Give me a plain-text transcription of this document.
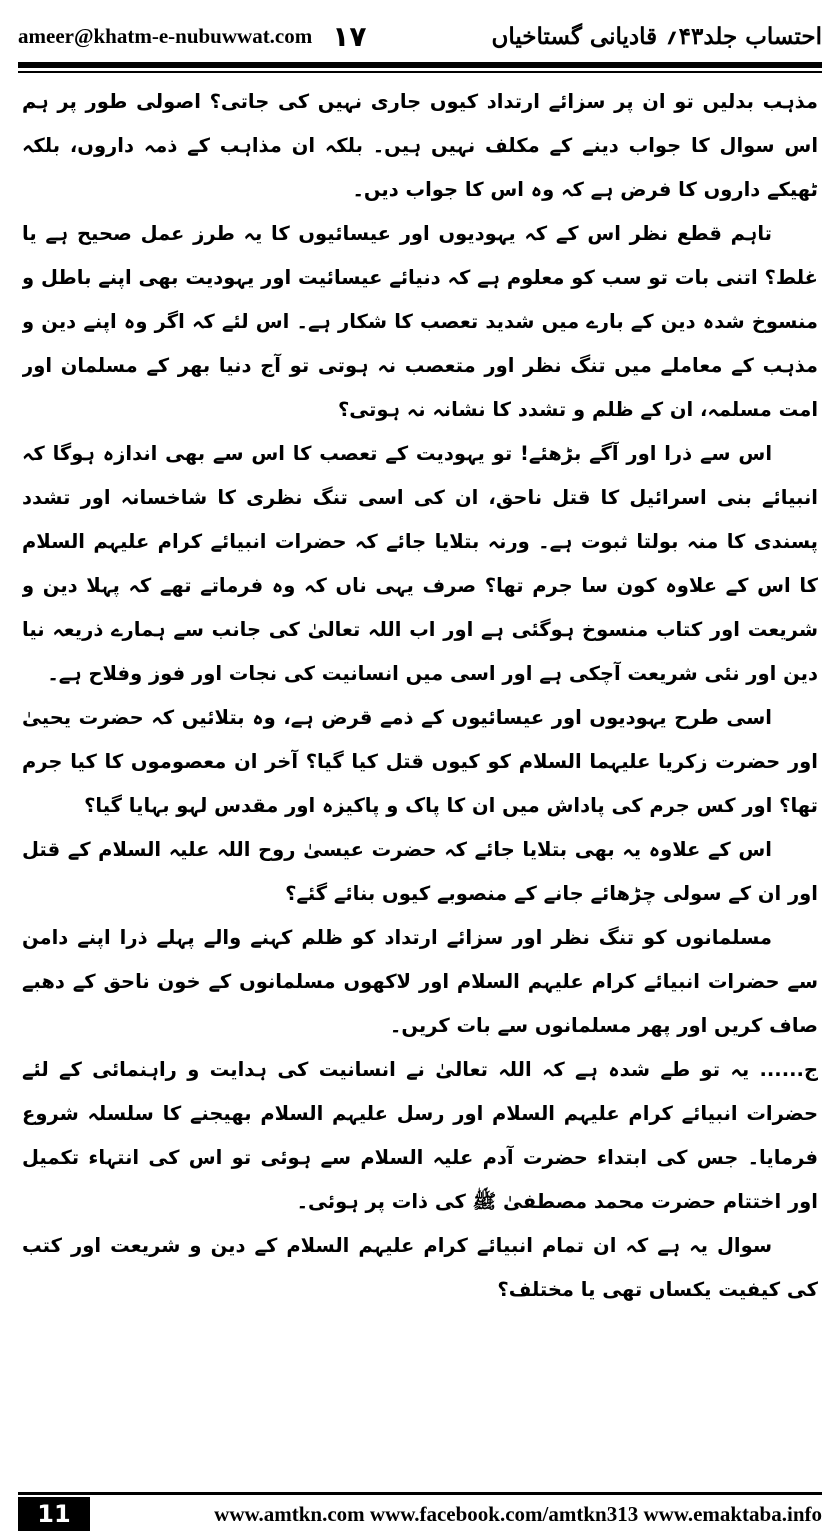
ameer@khatm-e-nubuwwat.com ١٧	احتساب جلد۴۳؍ قادیانی گستاخیاں

مذہب بدلیں تو ان پر سزائے ارتداد کیوں جاری نہیں کی جاتی؟ اصولی طور پر ہم اس سوال کا جواب دینے کے مکلف نہیں ہیں۔ بلکہ ان مذاہب کے ذمہ داروں، بلکہ ٹھیکے داروں کا فرض ہے کہ وہ اس کا جواب دیں۔

تاہم قطع نظر اس کے کہ یہودیوں اور عیسائیوں کا یہ طرز عمل صحیح ہے یا غلط؟ اتنی بات تو سب کو معلوم ہے کہ دنیائے عیسائیت اور یہودیت بھی اپنے باطل و منسوخ شدہ دین کے بارے میں شدید تعصب کا شکار ہے۔ اس لئے کہ اگر وہ اپنے دین و مذہب کے معاملے میں تنگ نظر اور متعصب نہ ہوتی تو آج دنیا بھر کے مسلمان اور امت مسلمہ، ان کے ظلم و تشدد کا نشانہ نہ ہوتی؟

اس سے ذرا اور آگے بڑھئے! تو یہودیت کے تعصب کا اس سے بھی اندازہ ہوگا کہ انبیائے بنی اسرائیل کا قتل ناحق، ان کی اسی تنگ نظری کا شاخسانہ اور تشدد پسندی کا منہ بولتا ثبوت ہے۔ ورنہ بتلایا جائے کہ حضرات انبیائے کرام علیہم السلام کا اس کے علاوہ کون سا جرم تھا؟ صرف یہی ناں کہ وہ فرماتے تھے کہ پہلا دین و شریعت اور کتاب منسوخ ہوگئی ہے اور اب اللہ تعالیٰ کی جانب سے ہمارے ذریعہ نیا دین اور نئی شریعت آچکی ہے اور اسی میں انسانیت کی نجات اور فوز وفلاح ہے۔

اسی طرح یہودیوں اور عیسائیوں کے ذمے قرض ہے، وہ بتلائیں کہ حضرت یحییٰ اور حضرت زکریا علیہما السلام کو کیوں قتل کیا گیا؟ آخر ان معصوموں کا کیا جرم تھا؟ اور کس جرم کی پاداش میں ان کا پاک و پاکیزہ اور مقدس لہو بہایا گیا؟

اس کے علاوہ یہ بھی بتلایا جائے کہ حضرت عیسیٰ روح اللہ علیہ السلام کے قتل اور ان کے سولی چڑھائے جانے کے منصوبے کیوں بنائے گئے؟

مسلمانوں کو تنگ نظر اور سزائے ارتداد کو ظلم کہنے والے پہلے ذرا اپنے دامن سے حضرات انبیائے کرام علیہم السلام اور لاکھوں مسلمانوں کے خون ناحق کے دھبے صاف کریں اور پھر مسلمانوں سے بات کریں۔

ج...... یہ تو طے شدہ ہے کہ اللہ تعالیٰ نے انسانیت کی ہدایت و راہنمائی کے لئے حضرات انبیائے کرام علیہم السلام اور رسل علیہم السلام بھیجنے کا سلسلہ شروع فرمایا۔ جس کی ابتداء حضرت آدم علیہ السلام سے ہوئی تو اس کی انتہاء تکمیل اور اختتام حضرت محمد مصطفیٰ ﷺ کی ذات پر ہوئی۔

سوال یہ ہے کہ ان تمام انبیائے کرام علیہم السلام کے دین و شریعت اور کتب کی کیفیت یکساں تھی یا مختلف؟

11	www.amtkn.com www.facebook.com/amtkn313 www.emaktaba.info
